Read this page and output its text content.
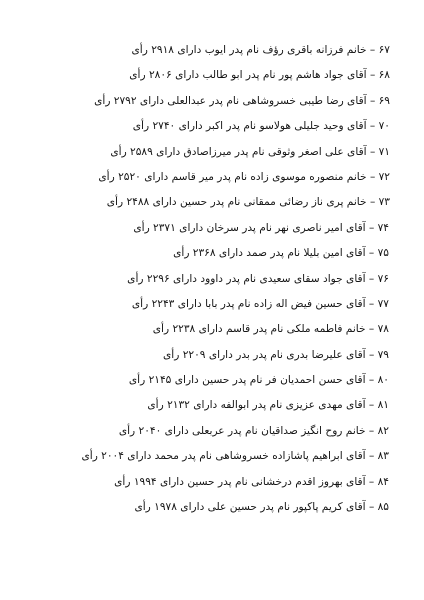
۶۷ – خانم فرزانه باقری رؤف نام پدر ایوب دارای ۲۹۱۸ رأی
۶۸ – آقای جواد هاشم پور نام پدر ابو طالب دارای ۲۸۰۶ رأی
۶۹ – آقای رضا طیبی خسروشاهی نام پدر عبدالعلی دارای ۲۷۹۲ رأی
۷۰ – آقای وحید جلیلی هولاسو نام پدر اکبر دارای ۲۷۴۰ رأی
۷۱ – آقای علی اصغر وثوقی نام پدر میرزاصادق دارای ۲۵۸۹ رأی
۷۲ – خانم منصوره موسوی زاده نام پدر میر قاسم دارای ۲۵۲۰ رأی
۷۳ – خانم پری ناز رضائی ممقانی نام پدر حسین دارای ۲۴۸۸ رأی
۷۴ – آقای امیر ناصری نهر نام پدر سرخان دارای ۲۳۷۱ رأی
۷۵ – آقای امین بلیلا نام پدر صمد دارای ۲۳۶۸ رأی
۷۶ – آقای جواد سقای سعیدی نام پدر داوود دارای ۲۲۹۶ رأی
۷۷ – آقای حسین فیض اله زاده نام پدر بابا دارای ۲۲۴۳ رأی
۷۸ – خانم فاطمه ملکی نام پدر قاسم دارای ۲۲۳۸ رأی
۷۹ – آقای علیرضا بدری نام پدر بدر دارای ۲۲۰۹ رأی
۸۰ – آقای حسن احمدیان فر نام پدر حسین دارای ۲۱۴۵ رأی
۸۱ – آقای مهدی عزیزی نام پدر ابوالفه دارای ۲۱۳۲ رأی
۸۲ – خانم روح انگیز صداقیان نام پدر عربعلی دارای ۲۰۴۰ رأی
۸۳ – آقای ابراهیم پاشازاده خسروشاهی نام پدر محمد دارای ۲۰۰۴ رأی
۸۴ – آقای بهروز اقدم درخشانی نام پدر حسین دارای ۱۹۹۴ رأی
۸۵ – آقای کریم پاکپور نام پدر حسین علی دارای ۱۹۷۸ رأی
